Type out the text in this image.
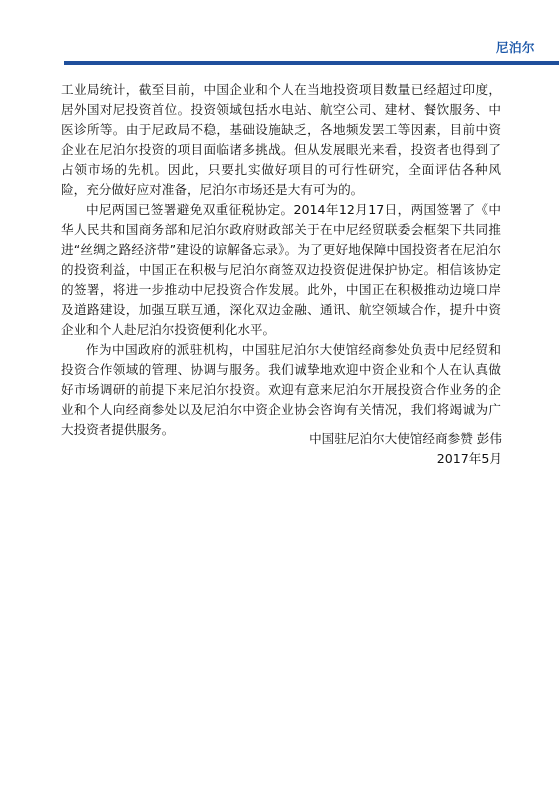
尼泊尔

工业局统计，截至目前，中国企业和个人在当地投资项目数量已经超过印度，居外国对尼投资首位。投资领域包括水电站、航空公司、建材、餐饮服务、中医诊所等。由于尼政局不稳，基础设施缺乏，各地频发罢工等因素，目前中资企业在尼泊尔投资的项目面临诸多挑战。但从发展眼光来看，投资者也得到了占领市场的先机。因此，只要扎实做好项目的可行性研究，全面评估各种风险，充分做好应对准备，尼泊尔市场还是大有可为的。

中尼两国已签署避免双重征税协定。2014年12月17日，两国签署了《中华人民共和国商务部和尼泊尔政府财政部关于在中尼经贸联委会框架下共同推进“丝绸之路经济带”建设的谅解备忘录》。为了更好地保障中国投资者在尼泊尔的投资利益，中国正在积极与尼泊尔商签双边投资促进保护协定。相信该协定的签署，将进一步推动中尼投资合作发展。此外，中国正在积极推动边境口岸及道路建设，加强互联互通，深化双边金融、通讯、航空领域合作，提升中资企业和个人赴尼泊尔投资便利化水平。

作为中国政府的派驻机构，中国驻尼泊尔大使馆经商参处负责中尼经贸和投资合作领域的管理、协调与服务。我们诚挚地欢迎中资企业和个人在认真做好市场调研的前提下来尼泊尔投资。欢迎有意来尼泊尔开展投资合作业务的企业和个人向经商参处以及尼泊尔中资企业协会咨询有关情况，我们将竭诚为广大投资者提供服务。

中国驻尼泊尔大使馆经商参赞 彭伟
2017年5月
